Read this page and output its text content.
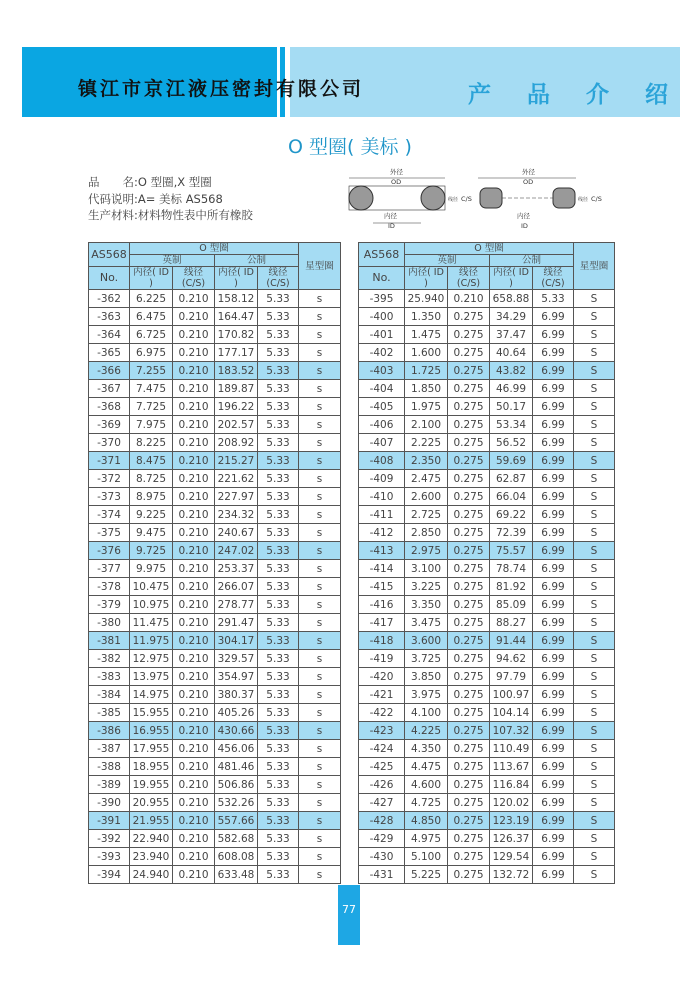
镇江市京江液压密封有限公司	产 品 介 绍
O 型圈( 美标 )
品　　名:O 型圈,X 型圈
代码说明:A= 美标 AS568
生产材料:材料物性表中所有橡胶
外径
OD
线径 C/S
内径
ID
外径
OD
线径 C/S
内径
ID
AS568	O 型圈				星型圈
	英制		公制		
No.	内径( ID )	线径(C/S)	内径( ID )	线径(C/S)	
-362	6.225	0.210	158.12	5.33	s
-363	6.475	0.210	164.47	5.33	s
-364	6.725	0.210	170.82	5.33	s
-365	6.975	0.210	177.17	5.33	s
-366	7.255	0.210	183.52	5.33	s
-367	7.475	0.210	189.87	5.33	s
-368	7.725	0.210	196.22	5.33	s
-369	7.975	0.210	202.57	5.33	s
-370	8.225	0.210	208.92	5.33	s
-371	8.475	0.210	215.27	5.33	s
-372	8.725	0.210	221.62	5.33	s
-373	8.975	0.210	227.97	5.33	s
-374	9.225	0.210	234.32	5.33	s
-375	9.475	0.210	240.67	5.33	s
-376	9.725	0.210	247.02	5.33	s
-377	9.975	0.210	253.37	5.33	s
-378	10.475	0.210	266.07	5.33	s
-379	10.975	0.210	278.77	5.33	s
-380	11.475	0.210	291.47	5.33	s
-381	11.975	0.210	304.17	5.33	s
-382	12.975	0.210	329.57	5.33	s
-383	13.975	0.210	354.97	5.33	s
-384	14.975	0.210	380.37	5.33	s
-385	15.955	0.210	405.26	5.33	s
-386	16.955	0.210	430.66	5.33	s
-387	17.955	0.210	456.06	5.33	s
-388	18.955	0.210	481.46	5.33	s
-389	19.955	0.210	506.86	5.33	s
-390	20.955	0.210	532.26	5.33	s
-391	21.955	0.210	557.66	5.33	s
-392	22.940	0.210	582.68	5.33	s
-393	23.940	0.210	608.08	5.33	s
-394	24.940	0.210	633.48	5.33	s
AS568	O 型圈				星型圈
	英制		公制		
No.	内径( ID )	线径(C/S)	内径( ID )	线径(C/S)	
-395	25.940	0.210	658.88	5.33	S
-400	1.350	0.275	34.29	6.99	S
-401	1.475	0.275	37.47	6.99	S
-402	1.600	0.275	40.64	6.99	S
-403	1.725	0.275	43.82	6.99	S
-404	1.850	0.275	46.99	6.99	S
-405	1.975	0.275	50.17	6.99	S
-406	2.100	0.275	53.34	6.99	S
-407	2.225	0.275	56.52	6.99	S
-408	2.350	0.275	59.69	6.99	S
-409	2.475	0.275	62.87	6.99	S
-410	2.600	0.275	66.04	6.99	S
-411	2.725	0.275	69.22	6.99	S
-412	2.850	0.275	72.39	6.99	S
-413	2.975	0.275	75.57	6.99	S
-414	3.100	0.275	78.74	6.99	S
-415	3.225	0.275	81.92	6.99	S
-416	3.350	0.275	85.09	6.99	S
-417	3.475	0.275	88.27	6.99	S
-418	3.600	0.275	91.44	6.99	S
-419	3.725	0.275	94.62	6.99	S
-420	3.850	0.275	97.79	6.99	S
-421	3.975	0.275	100.97	6.99	S
-422	4.100	0.275	104.14	6.99	S
-423	4.225	0.275	107.32	6.99	S
-424	4.350	0.275	110.49	6.99	S
-425	4.475	0.275	113.67	6.99	S
-426	4.600	0.275	116.84	6.99	S
-427	4.725	0.275	120.02	6.99	S
-428	4.850	0.275	123.19	6.99	S
-429	4.975	0.275	126.37	6.99	S
-430	5.100	0.275	129.54	6.99	S
-431	5.225	0.275	132.72	6.99	S
77
